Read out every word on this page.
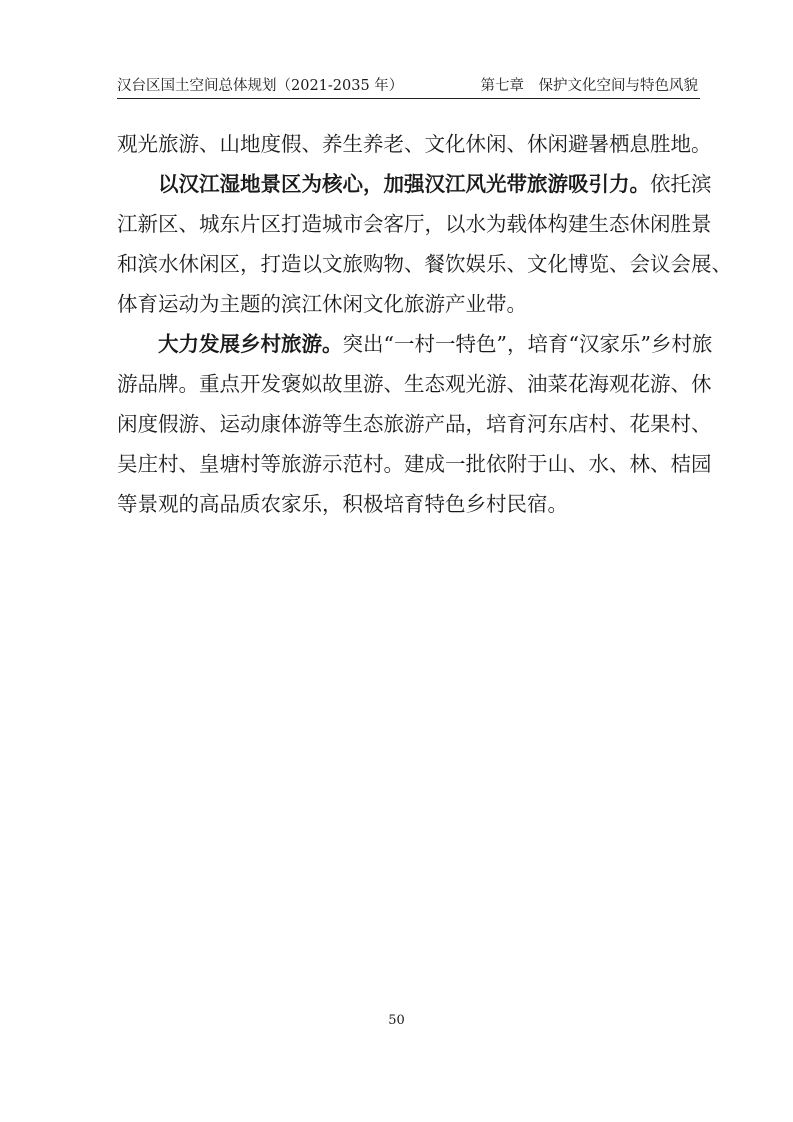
汉台区国土空间总体规划（2021-2035 年）	第七章　保护文化空间与特色风貌
观光旅游、山地度假、养生养老、文化休闲、休闲避暑栖息胜地。
以汉江湿地景区为核心，加强汉江风光带旅游吸引力。依托滨
江新区、城东片区打造城市会客厅，以水为载体构建生态休闲胜景
和滨水休闲区，打造以文旅购物、餐饮娱乐、文化博览、会议会展、
体育运动为主题的滨江休闲文化旅游产业带。
大力发展乡村旅游。突出“一村一特色”，培育“汉家乐”乡村旅
游品牌。重点开发褒姒故里游、生态观光游、油菜花海观花游、休
闲度假游、运动康体游等生态旅游产品，培育河东店村、花果村、
吴庄村、皇塘村等旅游示范村。建成一批依附于山、水、林、桔园
等景观的高品质农家乐，积极培育特色乡村民宿。
50
